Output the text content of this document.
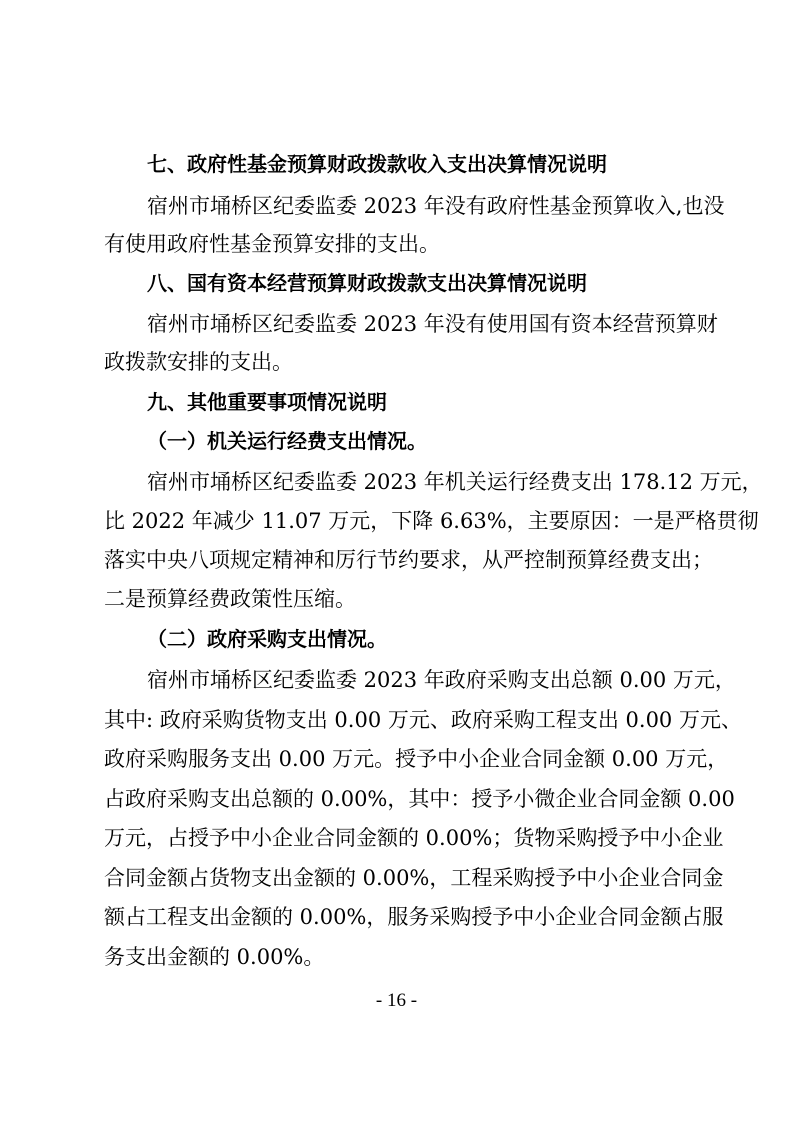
七、政府性基金预算财政拨款收入支出决算情况说明
宿州市埇桥区纪委监委 2023 年没有政府性基金预算收入,也没
有使用政府性基金预算安排的支出。
八、国有资本经营预算财政拨款支出决算情况说明
宿州市埇桥区纪委监委 2023 年没有使用国有资本经营预算财
政拨款安排的支出。
九、其他重要事项情况说明
（一）机关运行经费支出情况。
宿州市埇桥区纪委监委 2023 年机关运行经费支出 178.12 万元，
比 2022 年减少 11.07 万元，下降 6.63%，主要原因：一是严格贯彻
落实中央八项规定精神和厉行节约要求，从严控制预算经费支出；
二是预算经费政策性压缩。
（二）政府采购支出情况。
宿州市埇桥区纪委监委 2023 年政府采购支出总额 0.00 万元，
其中: 政府采购货物支出 0.00 万元、政府采购工程支出 0.00 万元、
政府采购服务支出 0.00 万元。授予中小企业合同金额 0.00 万元，
占政府采购支出总额的 0.00%，其中：授予小微企业合同金额 0.00
万元，占授予中小企业合同金额的 0.00%；货物采购授予中小企业
合同金额占货物支出金额的 0.00%，工程采购授予中小企业合同金
额占工程支出金额的 0.00%，服务采购授予中小企业合同金额占服
务支出金额的 0.00%。
- 16 -
